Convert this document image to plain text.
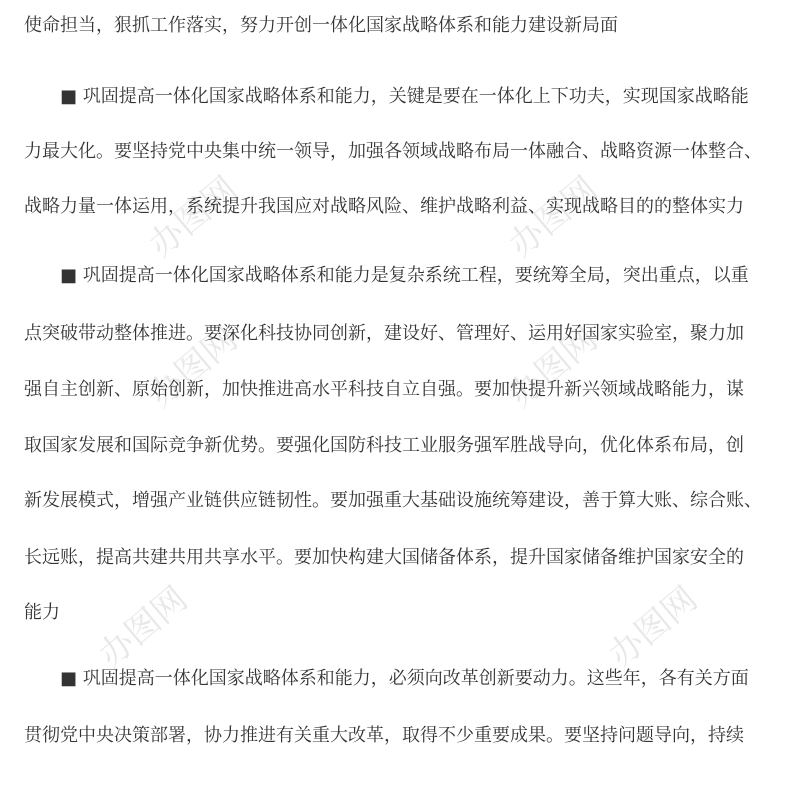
办图网	办图网
办图网	办图网
办图网	办图网
使命担当，狠抓工作落实，努力开创一体化国家战略体系和能力建设新局面
■ 巩固提高一体化国家战略体系和能力，关键是要在一体化上下功夫，实现国家战略能
力最大化。要坚持党中央集中统一领导，加强各领域战略布局一体融合、战略资源一体整合、
战略力量一体运用，系统提升我国应对战略风险、维护战略利益、实现战略目的的整体实力
■ 巩固提高一体化国家战略体系和能力是复杂系统工程，要统筹全局，突出重点，以重
点突破带动整体推进。要深化科技协同创新，建设好、管理好、运用好国家实验室，聚力加
强自主创新、原始创新，加快推进高水平科技自立自强。要加快提升新兴领域战略能力，谋
取国家发展和国际竞争新优势。要强化国防科技工业服务强军胜战导向，优化体系布局，创
新发展模式，增强产业链供应链韧性。要加强重大基础设施统筹建设，善于算大账、综合账、
长远账，提高共建共用共享水平。要加快构建大国储备体系，提升国家储备维护国家安全的
能力
■ 巩固提高一体化国家战略体系和能力，必须向改革创新要动力。这些年，各有关方面
贯彻党中央决策部署，协力推进有关重大改革，取得不少重要成果。要坚持问题导向，持续
